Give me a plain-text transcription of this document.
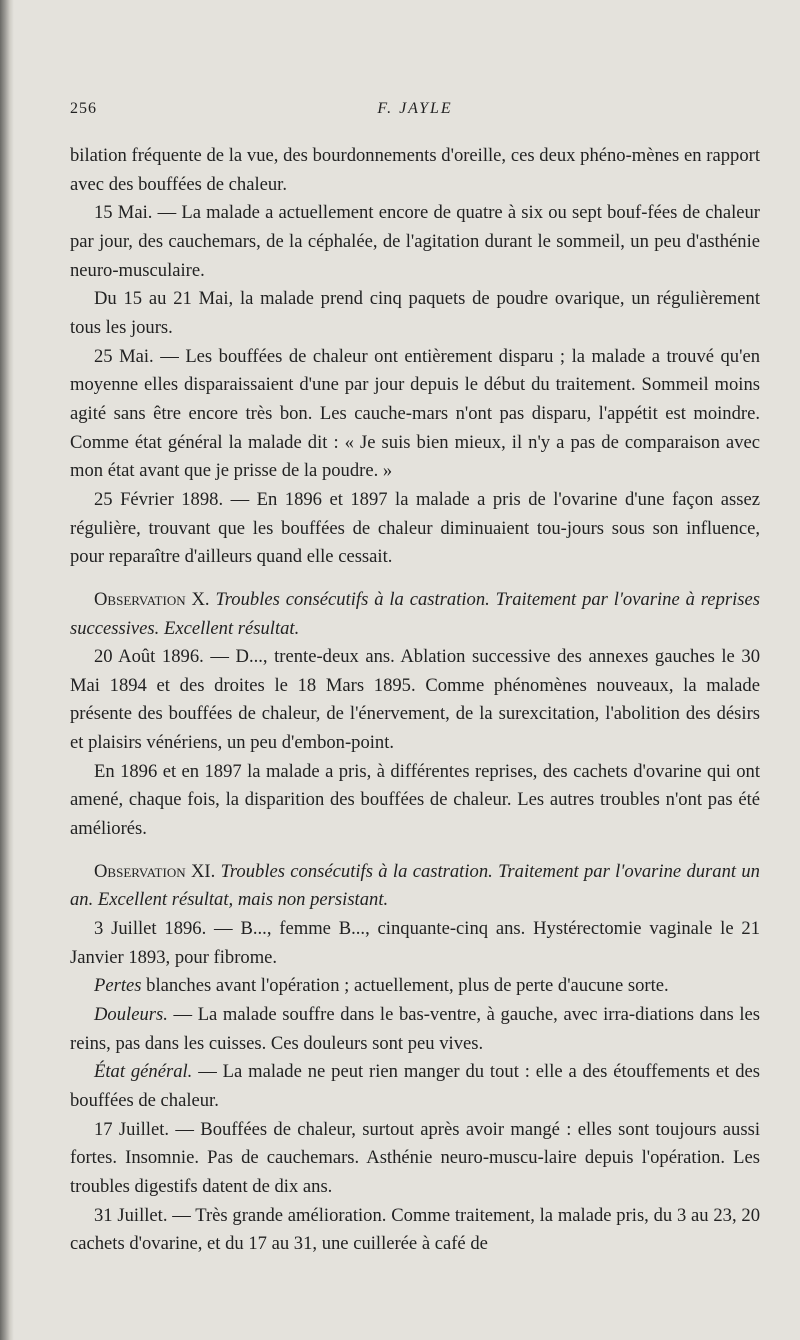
256	F. JAYLE

bilation fréquente de la vue, des bourdonnements d'oreille, ces deux phéno-mènes en rapport avec des bouffées de chaleur.

15 Mai. — La malade a actuellement encore de quatre à six ou sept bouf-fées de chaleur par jour, des cauchemars, de la céphalée, de l'agitation durant le sommeil, un peu d'asthénie neuro-musculaire.

Du 15 au 21 Mai, la malade prend cinq paquets de poudre ovarique, un régulièrement tous les jours.

25 Mai. — Les bouffées de chaleur ont entièrement disparu ; la malade a trouvé qu'en moyenne elles disparaissaient d'une par jour depuis le début du traitement. Sommeil moins agité sans être encore très bon. Les cauche-mars n'ont pas disparu, l'appétit est moindre. Comme état général la malade dit : « Je suis bien mieux, il n'y a pas de comparaison avec mon état avant que je prisse de la poudre. »

25 Février 1898. — En 1896 et 1897 la malade a pris de l'ovarine d'une façon assez régulière, trouvant que les bouffées de chaleur diminuaient tou-jours sous son influence, pour reparaître d'ailleurs quand elle cessait.

Observation X. Troubles consécutifs à la castration. Traitement par l'ovarine à reprises successives. Excellent résultat.

20 Août 1896. — D..., trente-deux ans. Ablation successive des annexes gauches le 30 Mai 1894 et des droites le 18 Mars 1895. Comme phénomènes nouveaux, la malade présente des bouffées de chaleur, de l'énervement, de la surexcitation, l'abolition des désirs et plaisirs vénériens, un peu d'embon-point.

En 1896 et en 1897 la malade a pris, à différentes reprises, des cachets d'ovarine qui ont amené, chaque fois, la disparition des bouffées de chaleur. Les autres troubles n'ont pas été améliorés.

Observation XI. Troubles consécutifs à la castration. Traitement par l'ovarine durant un an. Excellent résultat, mais non persistant.

3 Juillet 1896. — B..., femme B..., cinquante-cinq ans. Hystérectomie vaginale le 21 Janvier 1893, pour fibrome.

Pertes blanches avant l'opération ; actuellement, plus de perte d'aucune sorte.

Douleurs. — La malade souffre dans le bas-ventre, à gauche, avec irra-diations dans les reins, pas dans les cuisses. Ces douleurs sont peu vives.

État général. — La malade ne peut rien manger du tout : elle a des étouffements et des bouffées de chaleur.

17 Juillet. — Bouffées de chaleur, surtout après avoir mangé : elles sont toujours aussi fortes. Insomnie. Pas de cauchemars. Asthénie neuro-muscu-laire depuis l'opération. Les troubles digestifs datent de dix ans.

31 Juillet. — Très grande amélioration. Comme traitement, la malade pris, du 3 au 23, 20 cachets d'ovarine, et du 17 au 31, une cuillerée à café de
